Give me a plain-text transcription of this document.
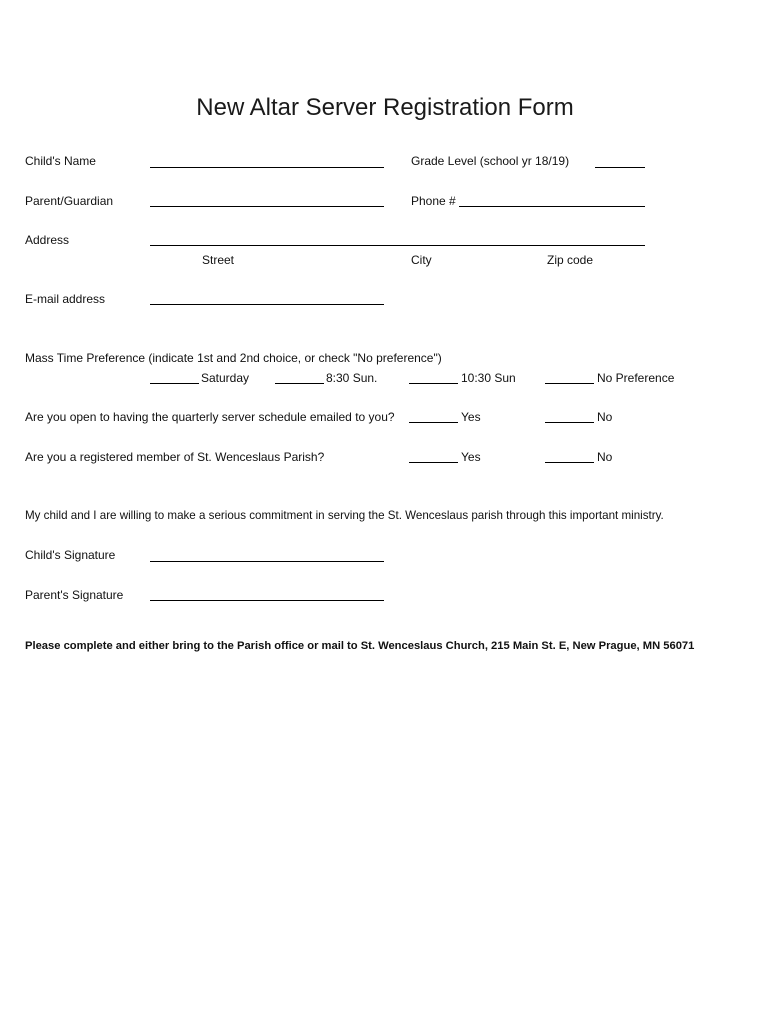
New Altar Server Registration Form
Child's Name	Grade Level (school yr 18/19)
Parent/Guardian	Phone #
Address
Street	City	Zip code
E-mail address
Mass Time Preference (indicate 1st and 2nd choice, or check "No preference")
Saturday	8:30 Sun.	10:30 Sun	No Preference
Are you open to having the quarterly server schedule emailed to you?	Yes	No
Are you a registered member of St. Wenceslaus Parish?	Yes	No
My child and I are willing to make a serious commitment in serving the St. Wenceslaus parish through this important ministry.
Child's Signature
Parent's Signature
Please complete and either bring to the Parish office or mail to St. Wenceslaus Church, 215 Main St. E, New Prague, MN 56071
